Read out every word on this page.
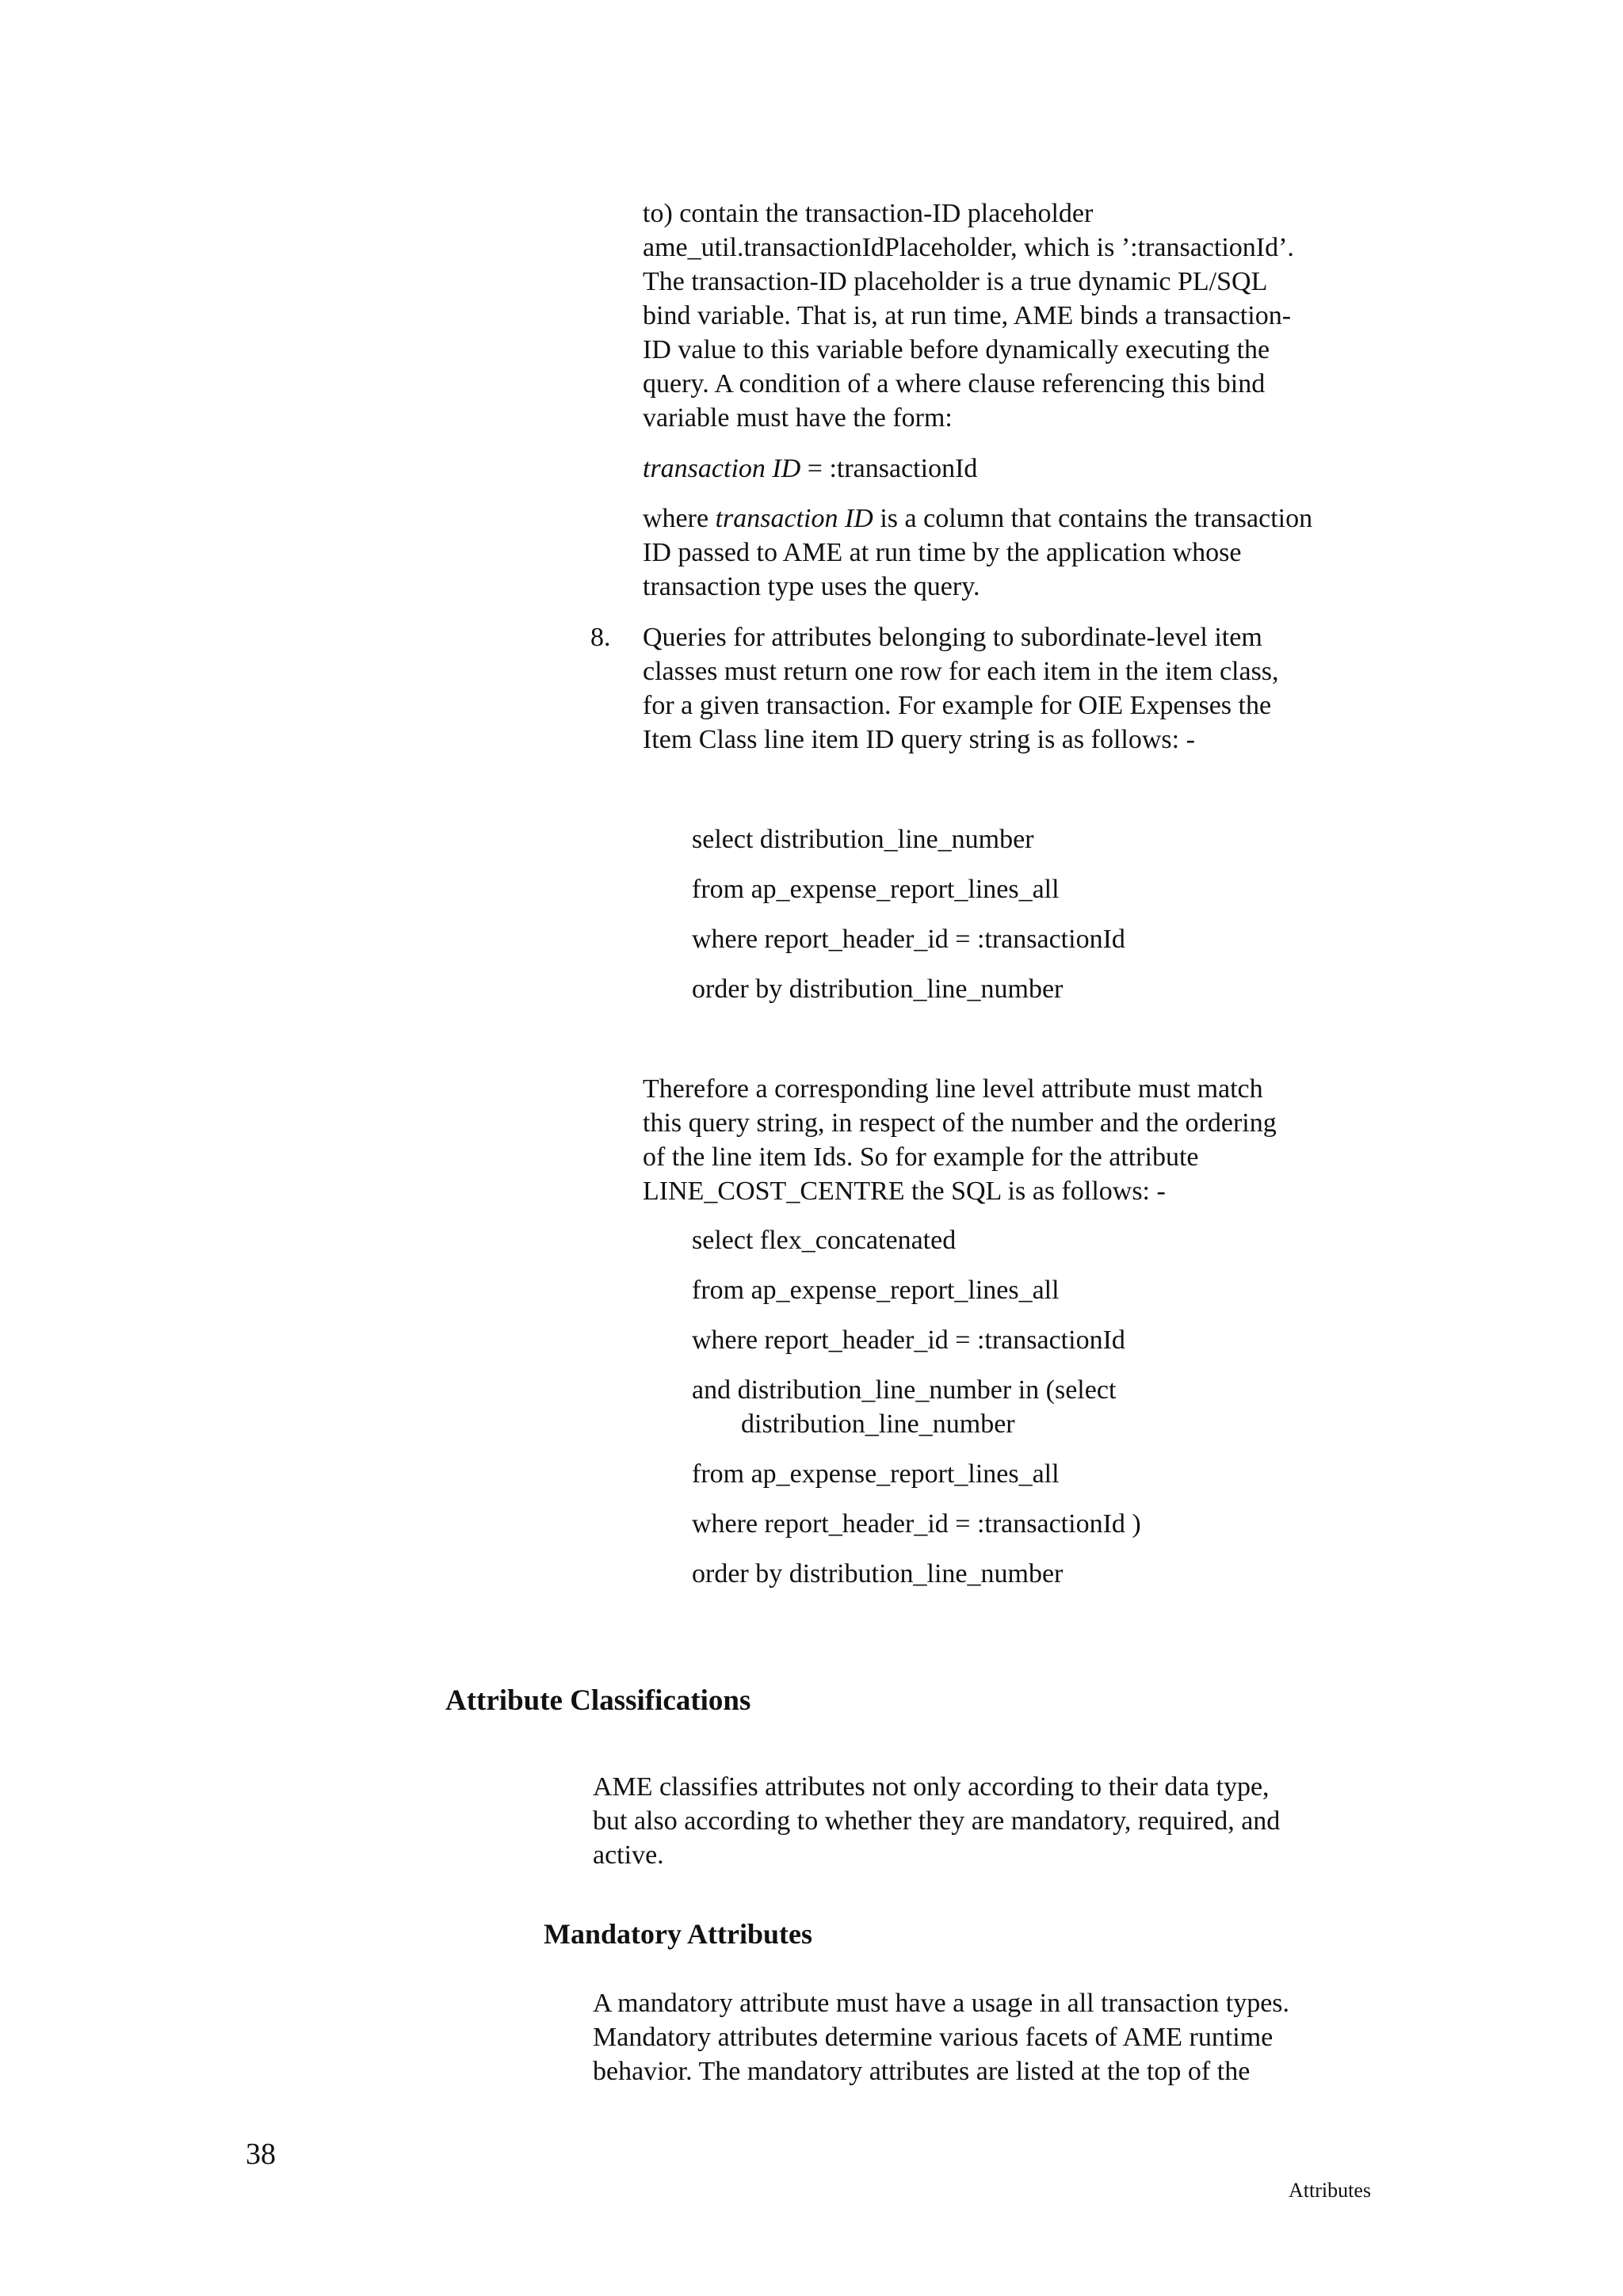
to) contain the transaction-ID placeholder
ame_util.transactionIdPlaceholder, which is ’:transactionId’.
The transaction-ID placeholder is a true dynamic PL/SQL
bind variable. That is, at run time, AME binds a transaction-
ID value to this variable before dynamically executing the
query. A condition of a where clause referencing this bind
variable must have the form:
transaction ID = :transactionId
where transaction ID is a column that contains the transaction
ID passed to AME at run time by the application whose
transaction type uses the query.
8. Queries for attributes belonging to subordinate-level item
classes must return one row for each item in the item class,
for a given transaction. For example for OIE Expenses the
Item Class line item ID query string is as follows: -
select distribution_line_number
from ap_expense_report_lines_all
where report_header_id = :transactionId
order by distribution_line_number
Therefore a corresponding line level attribute must match
this query string, in respect of the number and the ordering
of the line item Ids. So for example for the attribute
LINE_COST_CENTRE the SQL is as follows: -
select flex_concatenated
from ap_expense_report_lines_all
where report_header_id = :transactionId
and distribution_line_number in (select
distribution_line_number
from ap_expense_report_lines_all
where report_header_id = :transactionId )
order by distribution_line_number
Attribute Classifications
AME classifies attributes not only according to their data type,
but also according to whether they are mandatory, required, and
active.
Mandatory Attributes
A mandatory attribute must have a usage in all transaction types.
Mandatory attributes determine various facets of AME runtime
behavior. The mandatory attributes are listed at the top of the
38
Attributes
